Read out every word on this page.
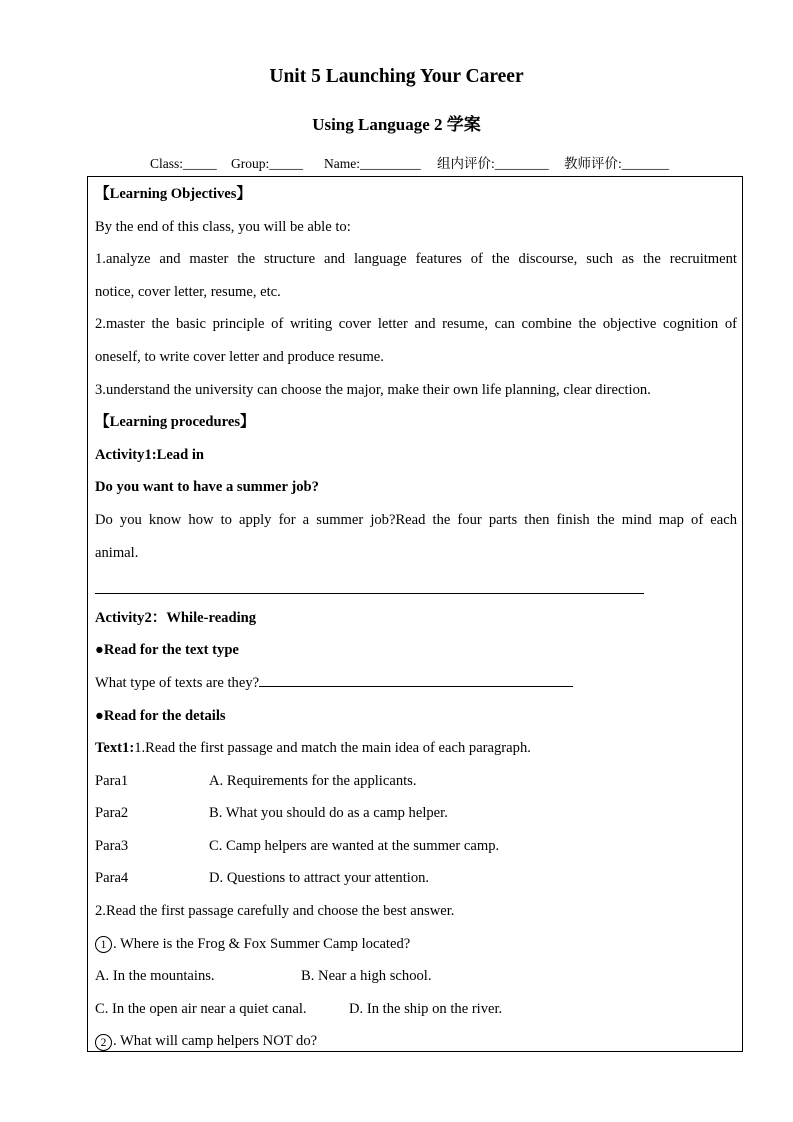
Unit 5 Launching Your Career
Using Language 2 学案
Class:_____ Group:_____ Name:_________ 组内评价:________ 教师评价:_______
【Learning Objectives】
By the end of this class, you will be able to:
1.analyze and master the structure and language features of the discourse, such as the recruitment
notice, cover letter, resume, etc.
2.master the basic principle of writing cover letter and resume, can combine the objective cognition of
oneself, to write cover letter and produce resume.
3.understand the university can choose the major, make their own life planning, clear direction.
【Learning procedures】
Activity1:Lead in
Do you want to have a summer job?
Do you know how to apply for a summer job?Read the four parts then finish the mind map of each
animal.
Activity2：While-reading
●Read for the text type
What type of texts are they?
●Read for the details
Text1:1.Read the first passage and match the main idea of each paragraph.
Para1	A. Requirements for the applicants.
Para2	B. What you should do as a camp helper.
Para3	C. Camp helpers are wanted at the summer camp.
Para4	D. Questions to attract your attention.
2.Read the first passage carefully and choose the best answer.
1 . Where is the Frog & Fox Summer Camp located?
A. In the mountains.	B. Near a high school.
C. In the open air near a quiet canal.	D. In the ship on the river.
2 . What will camp helpers NOT do?
